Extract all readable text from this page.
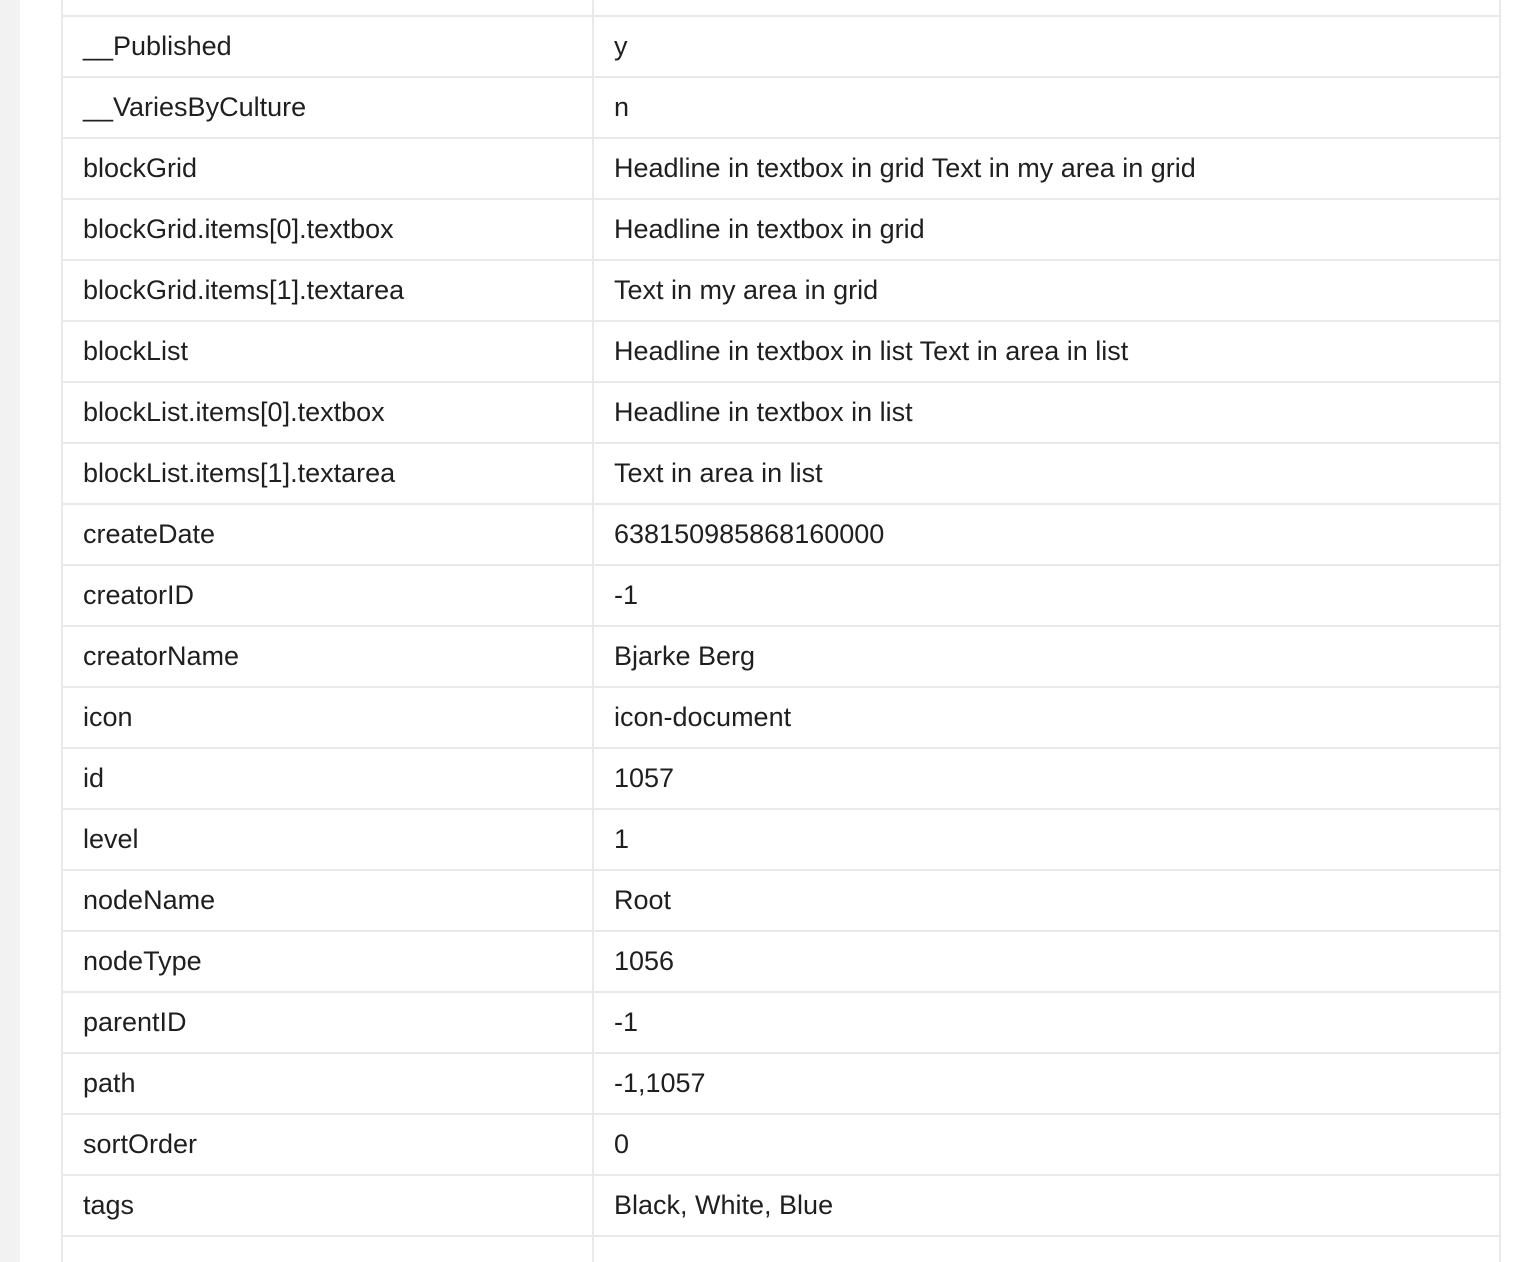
__Published	y
__VariesByCulture	n
blockGrid	Headline in textbox in grid Text in my area in grid
blockGrid.items[0].textbox	Headline in textbox in grid
blockGrid.items[1].textarea	Text in my area in grid
blockList	Headline in textbox in list Text in area in list
blockList.items[0].textbox	Headline in textbox in list
blockList.items[1].textarea	Text in area in list
createDate	638150985868160000
creatorID	-1
creatorName	Bjarke Berg
icon	icon-document
id	1057
level	1
nodeName	Root
nodeType	1056
parentID	-1
path	-1,1057
sortOrder	0
tags	Black, White, Blue
